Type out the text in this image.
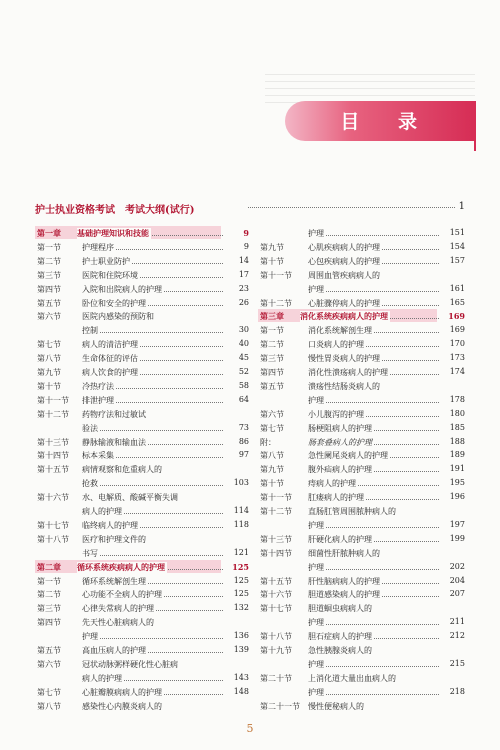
目 录
护士执业资格考试　考试大纲(试行)	1
第一章 基础护理知识和技能	9
第一节	护理程序	9
第二节	护士职业防护	14
第三节	医院和住院环境	17
第四节	入院和出院病人的护理	23
第五节	卧位和安全的护理	26
第六节	医院内感染的预防和
控制	30
第七节	病人的清洁护理	40
第八节	生命体征的评估	45
第九节	病人饮食的护理	52
第十节	冷热疗法	58
第十一节 排泄护理	64
第十二节 药物疗法和过敏试
验法	73
第十三节 静脉输液和输血法	86
第十四节 标本采集	97
第十五节 病情观察和危重病人的
抢救	103
第十六节 水、电解质、酸碱平衡失调
病人的护理	114
第十七节 临终病人的护理	118
第十八节 医疗和护理文件的
书写	121
第二章 循环系统疾病病人的护理	125
第一节	循环系统解剖生理	125
第二节	心功能不全病人的护理	125
第三节	心律失常病人的护理	132
第四节	先天性心脏病病人的
护理	136
第五节	高血压病人的护理	139
第六节	冠状动脉粥样硬化性心脏病
病人的护理	143
第七节	心脏瓣膜病病人的护理	148
第八节	感染性心内膜炎病人的
护理	151
第九节	心肌疾病病人的护理	154
第十节	心包疾病病人的护理	157
第十一节 周围血管疾病病人的
护理	161
第十二节 心脏骤停病人的护理	165
第三章 消化系统疾病病人的护理	169
第一节	消化系统解剖生理	169
第二节	口炎病人的护理	170
第三节	慢性胃炎病人的护理	173
第四节	消化性溃疡病人的护理	174
第五节	溃疡性结肠炎病人的
护理	178
第六节	小儿腹泻的护理	180
第七节	肠梗阻病人的护理	185
附：	肠套叠病人的护理	188
第八节	急性阑尾炎病人的护理	189
第九节	腹外疝病人的护理	191
第十节	痔病人的护理	195
第十一节 肛瘘病人的护理	196
第十二节 直肠肛管周围脓肿病人的
护理	197
第十三节 肝硬化病人的护理	199
第十四节 细菌性肝脓肿病人的
护理	202
第十五节 肝性脑病病人的护理	204
第十六节 胆道感染病人的护理	207
第十七节 胆道蛔虫病病人的
护理	211
第十八节 胆石症病人的护理	212
第十九节 急性胰腺炎病人的
护理	215
第二十节 上消化道大量出血病人的
护理	218
第二十一节 慢性便秘病人的
5
